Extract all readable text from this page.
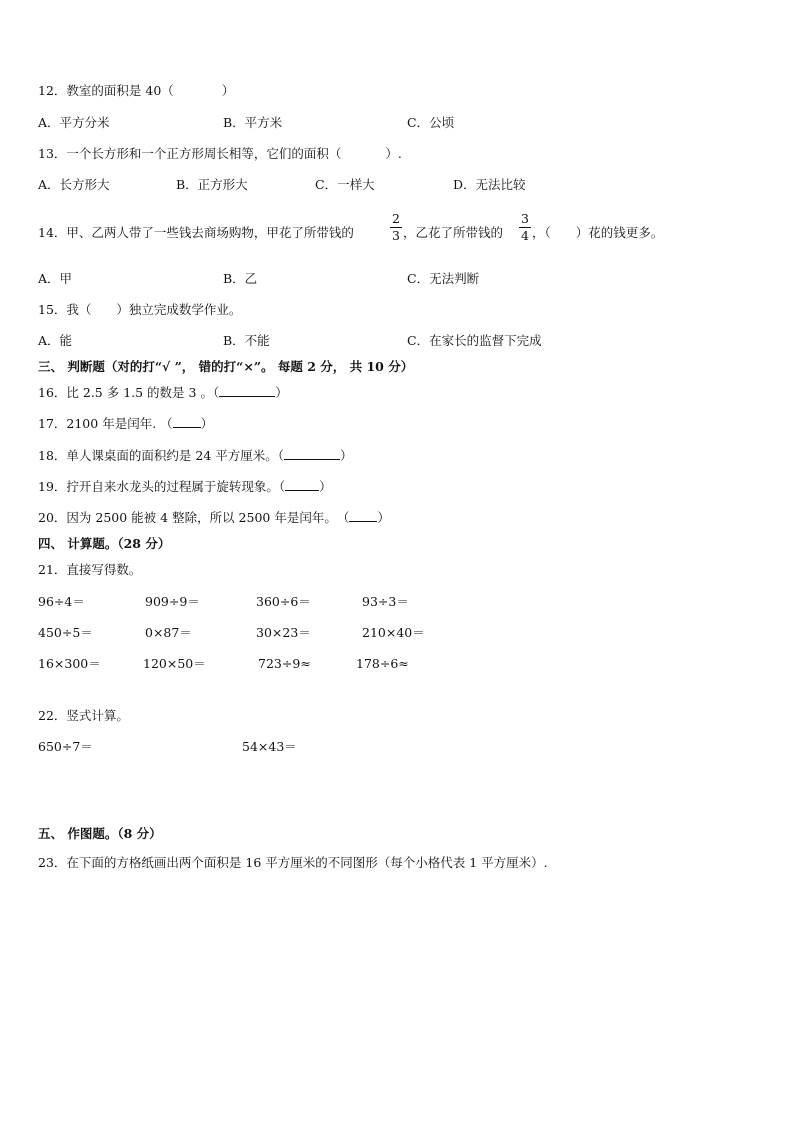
12．教室的面积是 40（	）
A．平方分米	B．平方米	C．公顷
13．一个长方形和一个正方形周长相等，它们的面积（	）.
A．长方形大	B．正方形大	C．一样大	D．无法比较
14．甲、乙两人带了一些钱去商场购物，甲花了所带钱的
2
3 ，乙花了所带钱的
3
4 ，（　　）花的钱更多。
A．甲	B．乙	C．无法判断
15．我（　　）独立完成数学作业。
A．能	B．不能	C．在家长的监督下完成
三、 判断题（对的打“√ ”， 错的打“×”。 每题 2 分， 共 10 分）
16．比 2.5 多 1.5 的数是 3 。（	）
17．2100 年是闰年. （ ）
18．单人课桌面的面积约是 24 平方厘米。（	）
19．拧开自来水龙头的过程属于旋转现象。（	）
20．因为 2500 能被 4 整除，所以 2500 年是闰年。　（ ）
四、 计算题。（28 分）
21．直接写得数。
96÷4＝	909÷9＝	360÷6＝	93÷3＝
450÷5＝	0×87＝	30×23＝	210×40＝
16×300＝	120×50＝	723÷9≈	178÷6≈
22．竖式计算。
650÷7＝	54×43＝
五、 作图题。（8 分）
23．在下面的方格纸画出两个面积是 16 平方厘米的不同图形（每个小格代表 1 平方厘米）.
